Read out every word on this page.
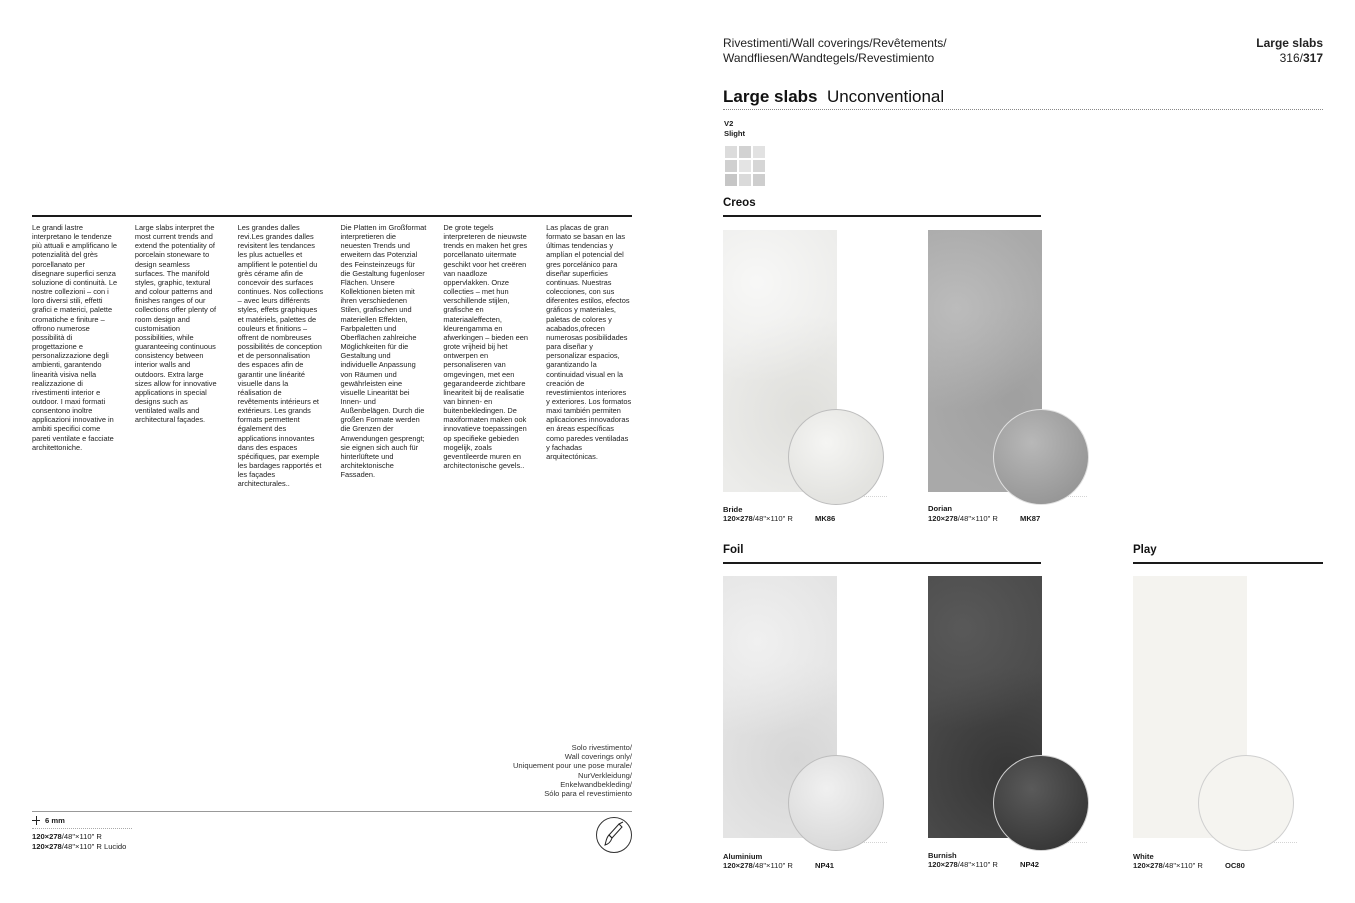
Le grandi lastre interpretano le tendenze più attuali e amplificano le potenzialità del grès porcellanato per disegnare superfici senza soluzione di continuità. Le nostre collezioni – con i loro diversi stili, effetti grafici e materici, palette cromatiche e finiture – offrono numerose possibilità di progettazione e personalizzazione degli ambienti, garantendo linearità visiva nella realizzazione di rivestimenti interior e outdoor. I maxi formati consentono inoltre applicazioni innovative in ambiti specifici come pareti ventilate e facciate architettoniche.
Large slabs interpret the most current trends and extend the potentiality of porcelain stoneware to design seamless surfaces. The manifold styles, graphic, textural and colour patterns and finishes ranges of our collections offer plenty of room design and customisation possibilities, while guaranteeing continuous consistency between interior walls and outdoors. Extra large sizes allow for innovative applications in special designs such as ventilated walls and architectural façades.
Les grandes dalles revi.Les grandes dalles revisitent les tendances les plus actuelles et amplifient le potentiel du grès cérame afin de concevoir des surfaces continues. Nos collections – avec leurs différents styles, effets graphiques et matériels, palettes de couleurs et finitions –offrent de nombreuses possibilités de conception et de personnalisation des espaces afin de garantir une linéarité visuelle dans la réalisation de revêtements intérieurs et extérieurs. Les grands formats permettent également des applications innovantes dans des espaces spécifiques, par exemple les bardages rapportés et les façades architecturales..
Die Platten im Großformat interpretieren die neuesten Trends und erweitern das Potenzial des Feinsteinzeugs für die Gestaltung fugenloser Flächen. Unsere Kollektionen bieten mit ihren verschiedenen Stilen, grafischen und materiellen Effekten, Farbpaletten und Oberflächen zahlreiche Möglichkeiten für die Gestaltung und individuelle Anpassung von Räumen und gewährleisten eine visuelle Linearität bei Innen- und Außenbelägen. Durch die großen Formate werden die Grenzen der Anwendungen gesprengt; sie eignen sich auch für hinterlüftete und architektonische Fassaden.
De grote tegels interpreteren de nieuwste trends en maken het gres porcellanato uitermate geschikt voor het creëren van naadloze oppervlakken. Onze collecties – met hun verschillende stijlen, grafische en materiaaleffecten, kleurengamma en afwerkingen – bieden een grote vrijheid bij het ontwerpen en personaliseren van omgevingen, met een gegarandeerde zichtbare lineariteit bij de realisatie van binnen- en buitenbekledingen. De maxiformaten maken ook innovatieve toepassingen op specifieke gebieden mogelijk, zoals geventileerde muren en architectonische gevels..
Las placas de gran formato se basan en las últimas tendencias y amplían el potencial del gres porcelánico para diseñar superficies continuas. Nuestras colecciones, con sus diferentes estilos, efectos gráficos y materiales, paletas de colores y acabados,ofrecen numerosas posibilidades para diseñar y personalizar espacios, garantizando la continuidad visual en la creación de revestimientos interiores y exteriores. Los formatos maxi también permiten aplicaciones innovadoras en áreas específicas como paredes ventiladas y fachadas arquitectónicas.
Solo rivestimento/
Wall coverings only/
Uniquement pour une pose murale/
NurVerkleidung/
Enkelwandbekleding/
Sólo para el revestimiento
6 mm
120×278/48"×110" R
120×278/48"×110" R Lucido
Rivestimenti/Wall coverings/Revêtements/
Wandfliesen/Wandtegels/Revestimiento
Large slabs
316/317
Large slabs Unconventional
V2
Slight
Creos
Foil	Play
Bride
120×278/48"×110" R	MK86
Dorian
120×278/48"×110" R	MK87
Aluminium
120×278/48"×110" R	NP41
Burnish
120×278/48"×110" R	NP42
White
120×278/48"×110" R	OC80
